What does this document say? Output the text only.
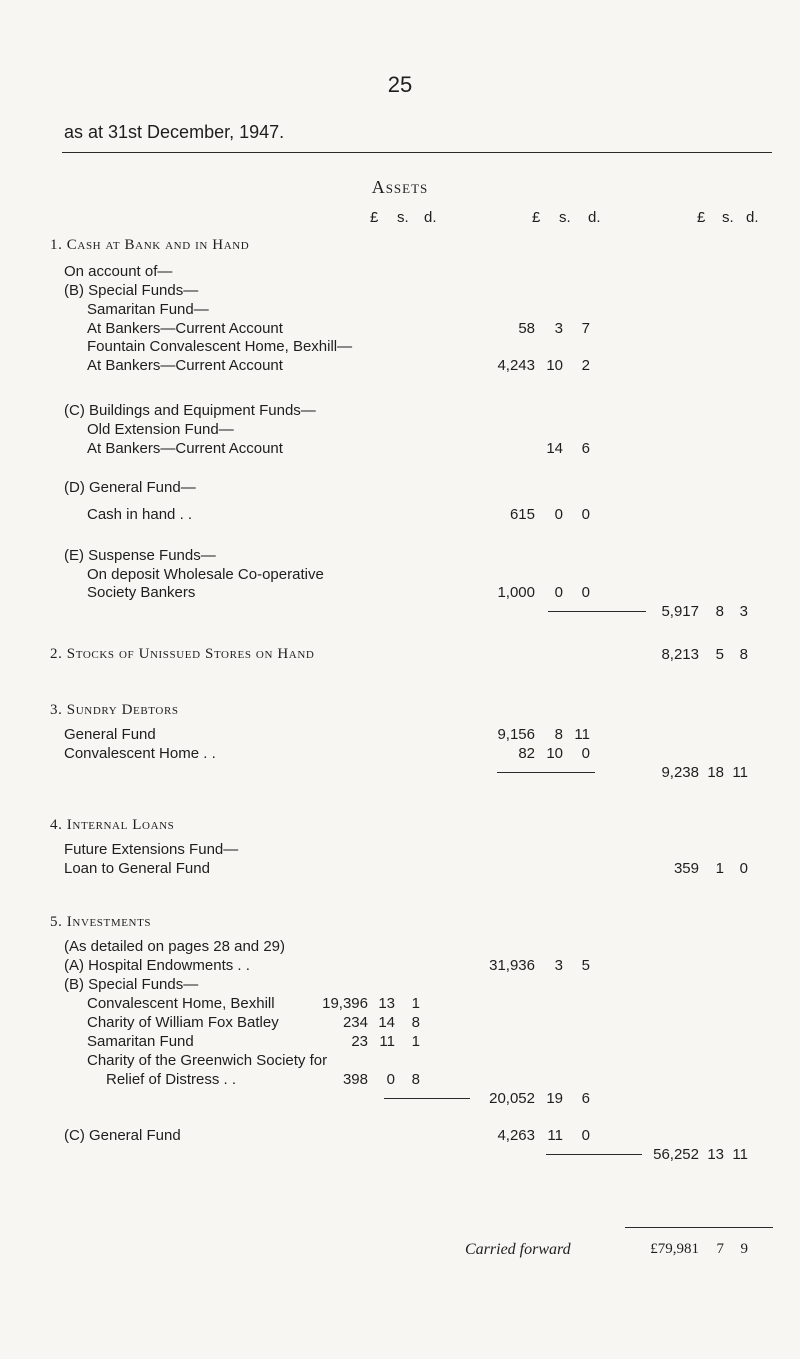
25
as at 31st December, 1947.
Assets
£ s. d.	£ s. d.	£ s. d.
1. Cash at Bank and in Hand
On account of—
(B) Special Funds—
Samaritan Fund—
At Bankers—Current Account
Fountain Convalescent Home, Bexhill—
At Bankers—Current Account
(C) Buildings and Equipment Funds—
Old Extension Fund—
At Bankers—Current Account
(D) General Fund—
Cash in hand . .
(E) Suspense Funds—
On deposit Wholesale Co-operative
Society Bankers
2. Stocks of Unissued Stores on Hand
3. Sundry Debtors
General Fund
Convalescent Home . .
4. Internal Loans
Future Extensions Fund—
Loan to General Fund
5. Investments
(As detailed on pages 28 and 29)
(A) Hospital Endowments . .
(B) Special Funds—
Convalescent Home, Bexhill
Charity of William Fox Batley
Samaritan Fund
Charity of the Greenwich Society for
Relief of Distress . .
(C) General Fund
Carried forward
58 3 7
4,243 10 2
14 6
615 0 0
1,000 0 0
5,917 8 3
8,213 5 8
9,156 8 11
82 10 0
9,238 18 11
359 1 0
31,936 3 5
19,396 13 1
234 14 8
23 11 1
398 0 8
20,052 19 6
4,263 11 0
56,252 13 11
£79,981 7 9
